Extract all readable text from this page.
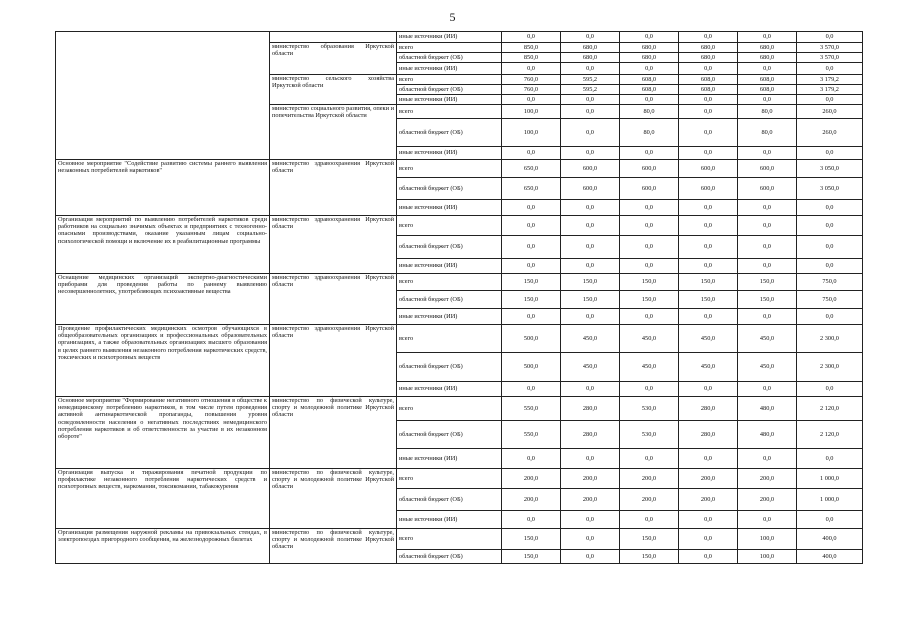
5
		иные источники (ИИ)	0,0	0,0	0,0	0,0	0,0	0,0
	министерство образования Иркутской области	всего	850,0	680,0	680,0	680,0	680,0	3 570,0
		областной бюджет (ОБ)	850,0	680,0	680,0	680,0	680,0	3 570,0
		иные источники (ИИ)	0,0	0,0	0,0	0,0	0,0	0,0
	министерство сельского хозяйства Иркутской области	всего	760,0	595,2	608,0	608,0	608,0	3 179,2
		областной бюджет (ОБ)	760,0	595,2	608,0	608,0	608,0	3 179,2
		иные источники (ИИ)	0,0	0,0	0,0	0,0	0,0	0,0
	министерство социального развития, опеки и попечительства Иркутской области	всего	100,0	0,0	80,0	0,0	80,0	260,0
		областной бюджет (ОБ)	100,0	0,0	80,0	0,0	80,0	260,0
		иные источники (ИИ)	0,0	0,0	0,0	0,0	0,0	0,0
Основное мероприятие "Содействие развитию системы раннего выявления незаконных потребителей наркотиков"	министерство здравоохранения Иркутской области	всего	650,0	600,0	600,0	600,0	600,0	3 050,0
		областной бюджет (ОБ)	650,0	600,0	600,0	600,0	600,0	3 050,0
		иные источники (ИИ)	0,0	0,0	0,0	0,0	0,0	0,0
Организация мероприятий по выявлению потребителей наркотиков среди работников на социально значимых объектах и предприятиях с техногенно-опасными производствами, оказание указанным лицам социально-психологической помощи и включение их в реабилитационные программы	министерство здравоохранения Иркутской области	всего	0,0	0,0	0,0	0,0	0,0	0,0
		областной бюджет (ОБ)	0,0	0,0	0,0	0,0	0,0	0,0
		иные источники (ИИ)	0,0	0,0	0,0	0,0	0,0	0,0
Оснащение медицинских организаций экспертно-диагностическими приборами для проведения работы по раннему выявлению несовершеннолетних, употребляющих психоактивные вещества	министерство здравоохранения Иркутской области	всего	150,0	150,0	150,0	150,0	150,0	750,0
		областной бюджет (ОБ)	150,0	150,0	150,0	150,0	150,0	750,0
		иные источники (ИИ)	0,0	0,0	0,0	0,0	0,0	0,0
Проведение профилактических медицинских осмотров обучающихся в общеобразовательных организациях и профессиональных образовательных организациях, а также образовательных организациях высшего образования в целях раннего выявления незаконного потребления наркотических средств, токсических и психотропных веществ	министерство здравоохранения Иркутской области	всего	500,0	450,0	450,0	450,0	450,0	2 300,0
		областной бюджет (ОБ)	500,0	450,0	450,0	450,0	450,0	2 300,0
		иные источники (ИИ)	0,0	0,0	0,0	0,0	0,0	0,0
Основное мероприятие "Формирование негативного отношения в обществе к немедицинскому потреблению наркотиков, в том числе путем проведения активной антинаркотической пропаганды, повышения уровня осведомленности населения о негативных последствиях немедицинского потребления наркотиков и об ответственности за участие в их незаконном обороте"	министерство по физической культуре, спорту и молодежной политике Иркутской области	всего	550,0	280,0	530,0	280,0	480,0	2 120,0
		областной бюджет (ОБ)	550,0	280,0	530,0	280,0	480,0	2 120,0
		иные источники (ИИ)	0,0	0,0	0,0	0,0	0,0	0,0
Организация выпуска и тиражирования печатной продукции по профилактике незаконного потребления наркотических средств и психотропных веществ, наркомании, токсикомании, табакокурения	министерство по физической культуре, спорту и молодежной политике Иркутской области	всего	200,0	200,0	200,0	200,0	200,0	1 000,0
		областной бюджет (ОБ)	200,0	200,0	200,0	200,0	200,0	1 000,0
		иные источники (ИИ)	0,0	0,0	0,0	0,0	0,0	0,0
Организация размещения наружной рекламы на привокзальных стендах, в электропоездах пригородного сообщения, на железнодорожных билетах	министерство по физической культуре, спорту и молодежной политике Иркутской области	всего	150,0	0,0	150,0	0,0	100,0	400,0
		областной бюджет (ОБ)	150,0	0,0	150,0	0,0	100,0	400,0
